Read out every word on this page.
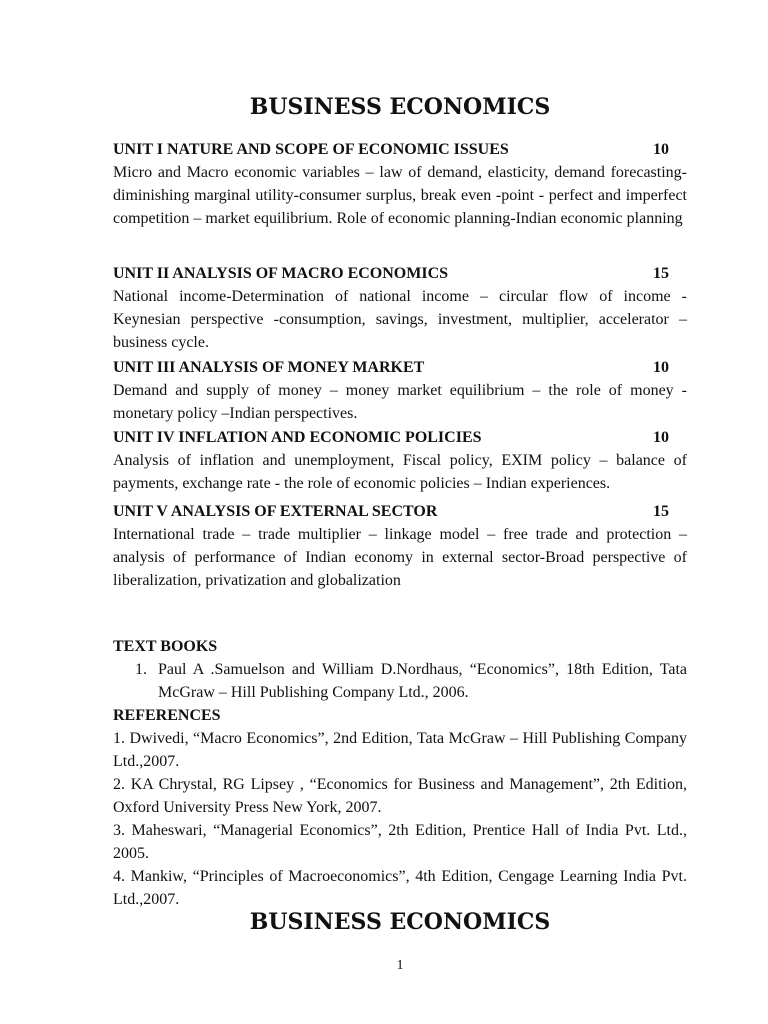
BUSINESS ECONOMICS
UNIT I NATURE AND SCOPE OF ECONOMIC ISSUES	10

Micro and Macro economic variables – law of demand, elasticity, demand forecasting-diminishing marginal utility-consumer surplus, break even -point - perfect and imperfect competition – market equilibrium. Role of economic planning-Indian economic planning

UNIT II ANALYSIS OF MACRO ECONOMICS	15

National income-Determination of national income – circular flow of income - Keynesian perspective -consumption, savings, investment, multiplier, accelerator – business cycle.

UNIT III ANALYSIS OF MONEY MARKET	10

Demand and supply of money – money market equilibrium – the role of money - monetary policy –Indian perspectives.

UNIT IV INFLATION AND ECONOMIC POLICIES	10

Analysis of inflation and unemployment, Fiscal policy, EXIM policy – balance of payments, exchange rate - the role of economic policies – Indian experiences.

UNIT V ANALYSIS OF EXTERNAL SECTOR	15

International trade – trade multiplier – linkage model – free trade and protection – analysis of performance of Indian economy in external sector-Broad perspective of liberalization, privatization and globalization

TEXT BOOKS
1. Paul A .Samuelson and William D.Nordhaus, “Economics”, 18th Edition, Tata McGraw – Hill Publishing Company Ltd., 2006.
REFERENCES

1. Dwivedi, “Macro Economics”, 2nd Edition, Tata McGraw – Hill Publishing Company Ltd.,2007.

2. KA Chrystal, RG Lipsey , “Economics for Business and Management”, 2th Edition, Oxford University Press New York, 2007.

3. Maheswari, “Managerial Economics”, 2th Edition, Prentice Hall of India Pvt. Ltd., 2005.

4. Mankiw, “Principles of Macroeconomics”, 4th Edition, Cengage Learning India Pvt. Ltd.,2007.

BUSINESS ECONOMICS
1
